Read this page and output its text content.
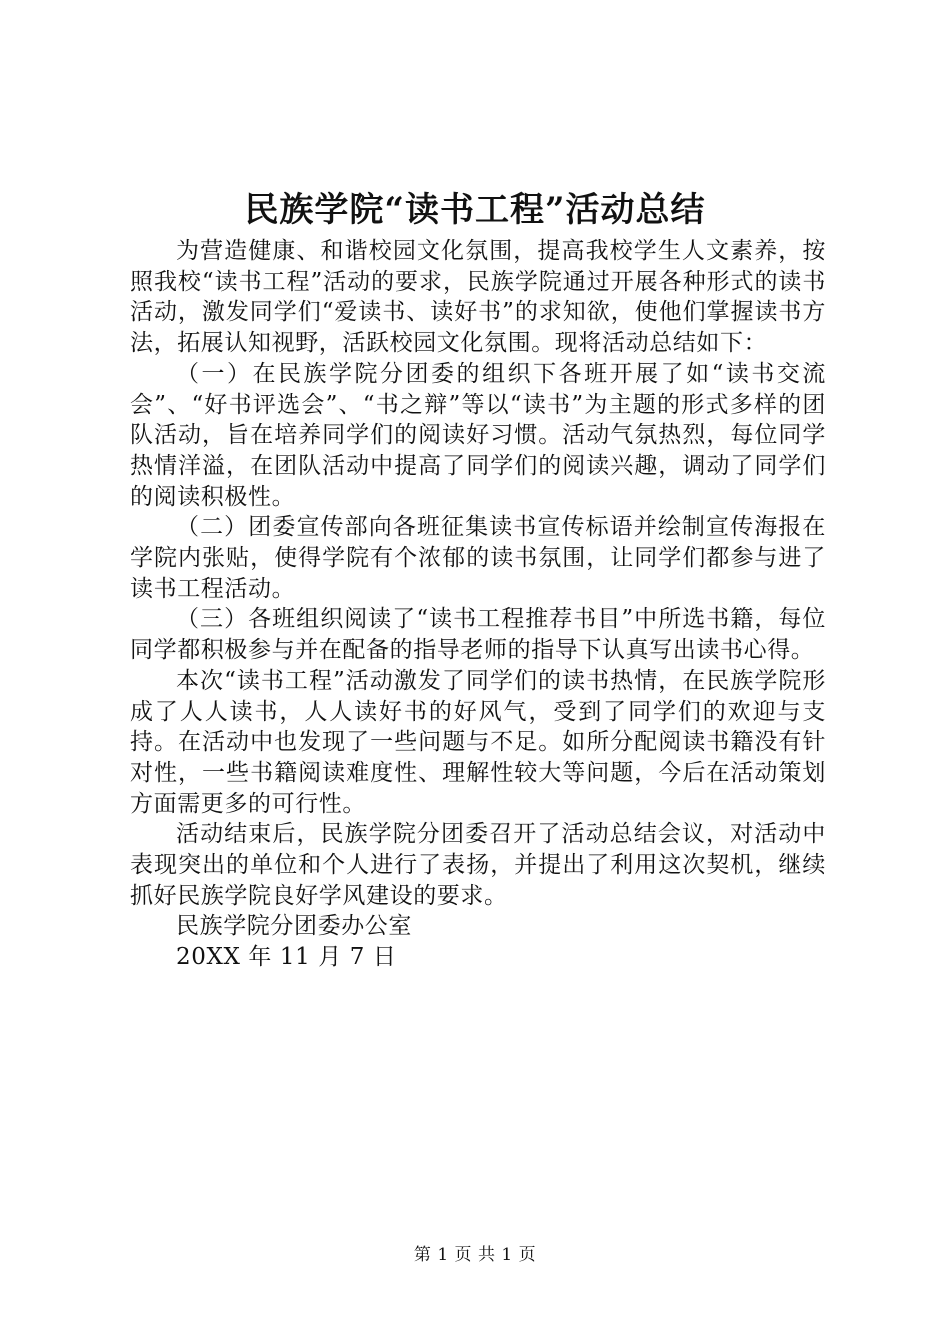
民族学院“读书工程”活动总结

为营造健康、和谐校园文化氛围，提高我校学生人文素养，按照我校“读书工程”活动的要求，民族学院通过开展各种形式的读书活动，激发同学们“爱读书、读好书”的求知欲，使他们掌握读书方法，拓展认知视野，活跃校园文化氛围。现将活动总结如下：

（一）在民族学院分团委的组织下各班开展了如“读书交流会”、“好书评选会”、“书之辩”等以“读书”为主题的形式多样的团队活动，旨在培养同学们的阅读好习惯。活动气氛热烈，每位同学热情洋溢，在团队活动中提高了同学们的阅读兴趣，调动了同学们的阅读积极性。

（二）团委宣传部向各班征集读书宣传标语并绘制宣传海报在学院内张贴，使得学院有个浓郁的读书氛围，让同学们都参与进了读书工程活动。

（三）各班组织阅读了“读书工程推荐书目”中所选书籍，每位同学都积极参与并在配备的指导老师的指导下认真写出读书心得。

本次“读书工程”活动激发了同学们的读书热情，在民族学院形成了人人读书，人人读好书的好风气，受到了同学们的欢迎与支持。在活动中也发现了一些问题与不足。如所分配阅读书籍没有针对性，一些书籍阅读难度性、理解性较大等问题，今后在活动策划方面需更多的可行性。

活动结束后，民族学院分团委召开了活动总结会议，对活动中表现突出的单位和个人进行了表扬，并提出了利用这次契机，继续抓好民族学院良好学风建设的要求。

民族学院分团委办公室

20XX 年 11 月 7 日

第 1 页 共 1 页
